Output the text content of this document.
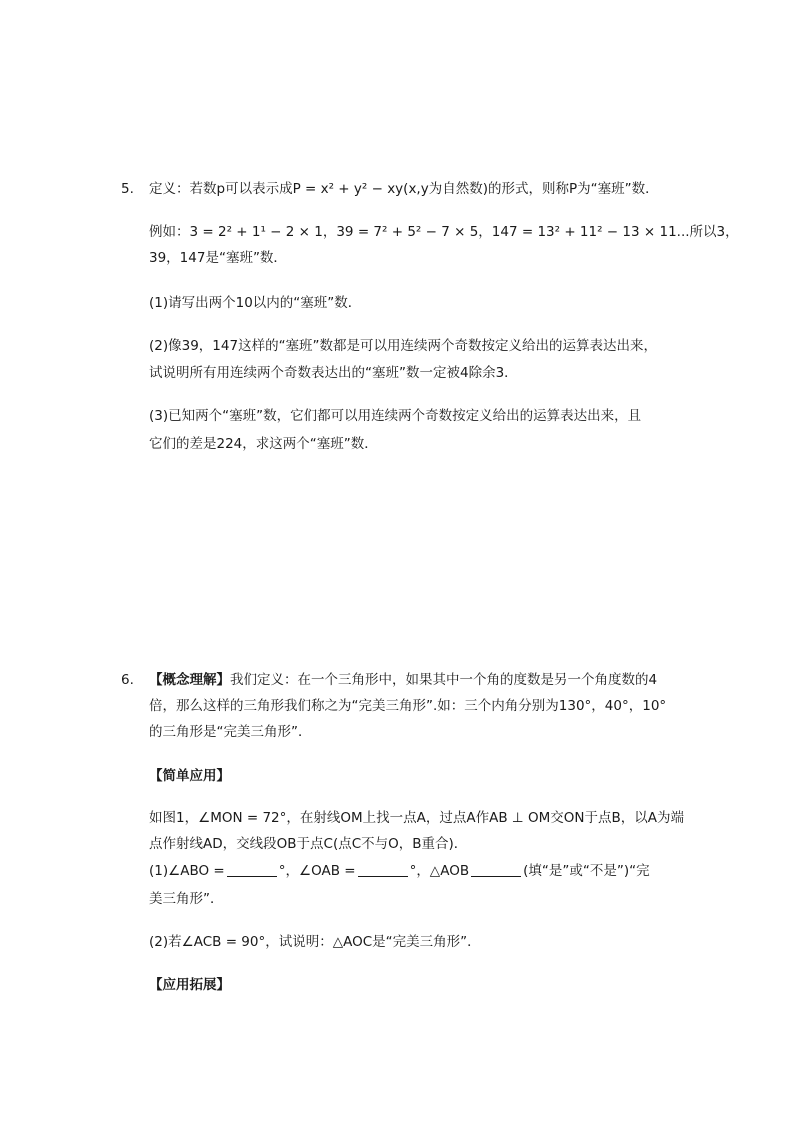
5. 定义：若数p可以表示成P = x² + y² − xy(x,y为自然数)的形式，则称P为“塞班”数．
例如：3 = 2² + 1¹ − 2 × 1，39 = 7² + 5² − 7 × 5，147 = 13² + 11² − 13 × 11...所以3，
39，147是“塞班”数．
(1)请写出两个10以内的“塞班”数．
(2)像39，147这样的“塞班”数都是可以用连续两个奇数按定义给出的运算表达出来，
试说明所有用连续两个奇数表达出的“塞班”数一定被4除余3．
(3)已知两个“塞班”数，它们都可以用连续两个奇数按定义给出的运算表达出来，且
它们的差是224，求这两个“塞班”数．
6. 【概念理解】我们定义：在一个三角形中，如果其中一个角的度数是另一个角度数的4
倍，那么这样的三角形我们称之为“完美三角形”.如：三个内角分别为130°，40°，10°
的三角形是“完美三角形”．
【简单应用】
如图1，∠MON = 72°，在射线OM上找一点A，过点A作AB ⊥ OM交ON于点B，以A为端
点作射线AD，交线段OB于点C(点C不与O，B重合)．
(1)∠ABO =	°，∠OAB =	°，△AOB	(填“是”或“不是”)“完
美三角形”．
(2)若∠ACB = 90°，试说明：△AOC是“完美三角形”．
【应用拓展】
